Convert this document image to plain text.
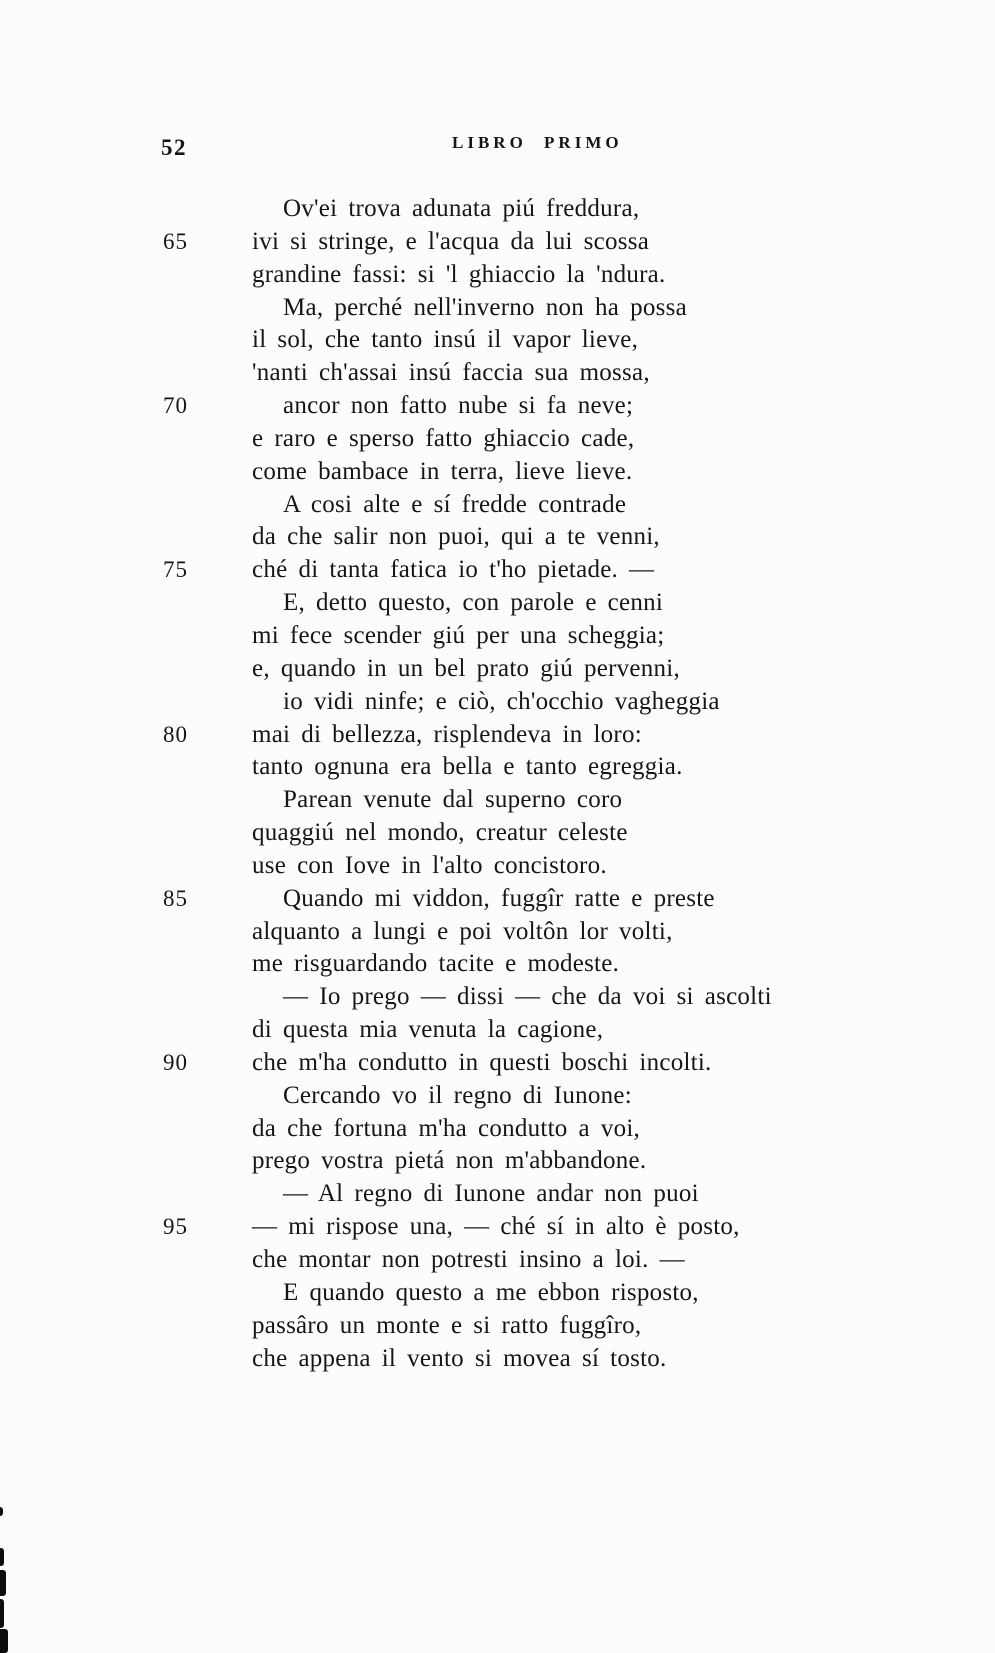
52	LIBRO PRIMO
Ov'ei trova adunata piú freddura,
65	ivi si stringe, e l'acqua da lui scossa
grandine fassi: si 'l ghiaccio la 'ndura.
Ma, perché nell'inverno non ha possa
il sol, che tanto insú il vapor lieve,
'nanti ch'assai insú faccia sua mossa,
70	ancor non fatto nube si fa neve;
e raro e sperso fatto ghiaccio cade,
come bambace in terra, lieve lieve.
A cosi alte e sí fredde contrade
da che salir non puoi, qui a te venni,
75	ché di tanta fatica io t'ho pietade. —
E, detto questo, con parole e cenni
mi fece scender giú per una scheggia;
e, quando in un bel prato giú pervenni,
io vidi ninfe; e ciò, ch'occhio vagheggia
80	mai di bellezza, risplendeva in loro:
tanto ognuna era bella e tanto egreggia.
Parean venute dal superno coro
quaggiú nel mondo, creatur celeste
use con Iove in l'alto concistoro.
85	Quando mi viddon, fuggîr ratte e preste
alquanto a lungi e poi voltôn lor volti,
me risguardando tacite e modeste.
— Io prego — dissi — che da voi si ascolti
di questa mia venuta la cagione,
90	che m'ha condutto in questi boschi incolti.
Cercando vo il regno di Iunone:
da che fortuna m'ha condutto a voi,
prego vostra pietá non m'abbandone.
— Al regno di Iunone andar non puoi
95	— mi rispose una, — ché sí in alto è posto,
che montar non potresti insino a loi. —
E quando questo a me ebbon risposto,
passâro un monte e si ratto fuggîro,
che appena il vento si movea sí tosto.
